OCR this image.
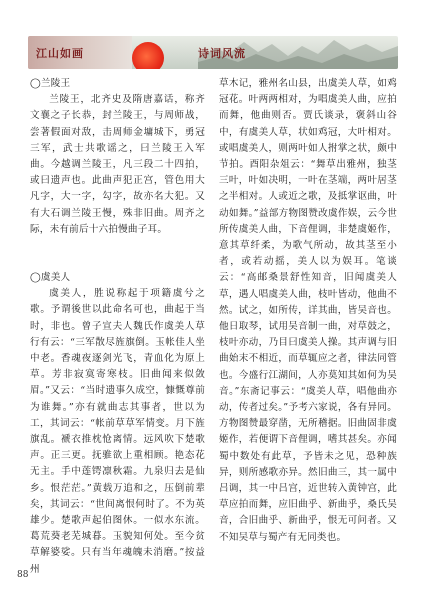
江山如画	诗词风流
◯兰陵王

兰陵王，北齐史及隋唐嘉话，称齐文襄之子长恭，封兰陵王，与周师战，尝著假面对敌，击周师金墉城下，勇冠三军，武士共歌谣之，曰兰陵王入军曲。今越调兰陵王，凡三段二十四拍，或曰遗声也。此曲声犯正宫，管色用大凡字，大一字，勾字，故亦名大犯。又有大石调兰陵王慢，殊非旧曲。周齐之际，未有前后十六拍慢曲子耳。

◯虞美人

虞美人，胜说称起于项籍虞兮之歌。予谓後世以此命名可也，曲起于当时，非也。曾子宣夫人魏氏作虞美人草行有云：“三军散尽旌旗倒。玉帐佳人坐中老。香魂夜逐剑光飞，青血化为原上草。芳非寂寞寄寒枝。旧曲闻来似敛眉。”又云：“当时遗事久成空，慷慨尊前为谁舞。”亦有就曲志其事者，世以为工，其词云：“帐前草草军情变。月下旌旗乱。褫衣推枕怆离情。远风吹下楚歌声。正三更。抚骓欲上重相顾。艳态花无主。手中莲锷凛秋霜。九泉归去是仙乡。恨茫茫。”黄载万追和之，压倒前辈矣，其词云：“世间离恨何时了。不为英雄少。楚歌声起伯图休。一似水东流。葛荒葵老芜城暮。玉貌知何处。至今贫草解婆娑。只有当年魂魄未消磨。”按益州

草木记，雅州名山县，出虞美人草，如鸡冠花。叶两两相对，为唱虞美人曲，应拍而舞，他曲则否。贾氏谈录，褒斜山谷中，有虞美人草，状如鸡冠，大叶相对。或唱虞美人，则两叶如人拊掌之状，颇中节拍。酉阳杂俎云：“舞草出雅州，独茎三叶，叶如决明，一叶在茎端，两叶居茎之半相对。人或近之歌，及抵掌讴曲，叶动如舞。”益部方物图赞改虞作娱，云今世所传虞美人曲，下音俚调，非楚虞姬作，意其草纤柔，为歌气所动，故其茎至小者，或若动摇，美人以为娱耳。笔谈云：“高邮桑景舒性知音，旧闻虞美人草，遇人唱虞美人曲，枝叶皆动，他曲不然。试之，如所传，详其曲，皆吴音也。他日取琴，试用吴音制一曲，对草鼓之，枝叶亦动，乃目曰虞美人操。其声调与旧曲始末不相近，而草辄应之者，律法同管也。今盛行江湖间，人亦莫知其如何为吴音。”东斋记事云：“虞美人草，唱他曲亦动，传者过矣。”予考六家说，各有异同。方物图赞最穿凿，无所稽据。旧曲固非虞姬作，若便谓下音俚调，嗜其甚矣。亦闻蜀中数处有此草，予皆未之见，恐种族异，则所感歌亦异。然旧曲三，其一属中吕调，其一中吕宫，近世转入黄钟宫，此草应拍而舞，应旧曲乎、新曲乎，桑氏吴音，合旧曲乎、新曲乎，恨无可问者。又不知吴草与蜀产有无同类也。

88
